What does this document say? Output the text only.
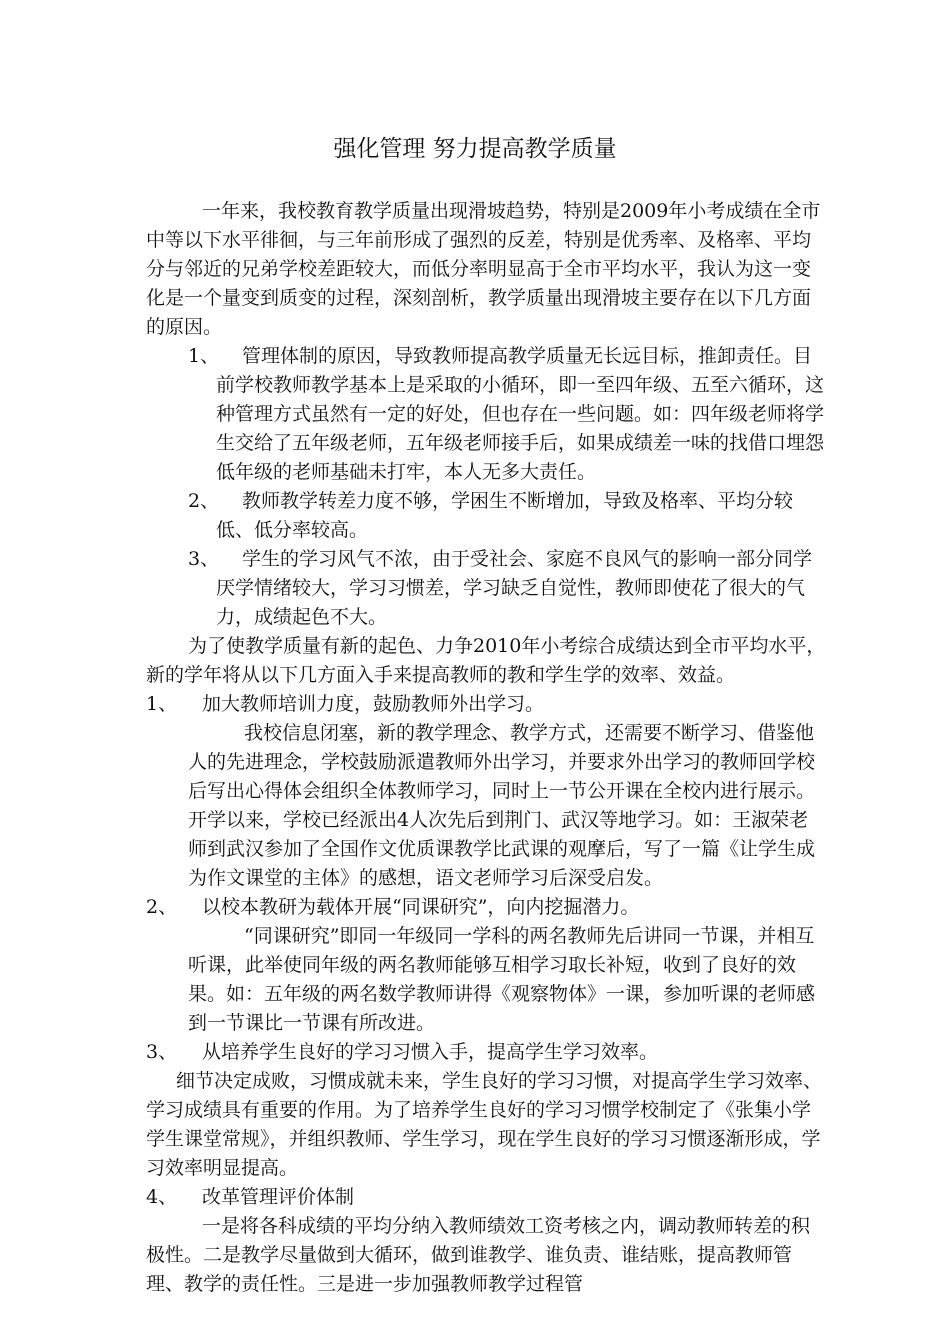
强化管理 努力提高教学质量

一年来，我校教育教学质量出现滑坡趋势，特别是2009年小考成绩在全市中等以下水平徘徊，与三年前形成了强烈的反差，特别是优秀率、及格率、平均分与邻近的兄弟学校差距较大，而低分率明显高于全市平均水平，我认为这一变化是一个量变到质变的过程，深刻剖析，教学质量出现滑坡主要存在以下几方面的原因。

1、	管理体制的原因，导致教师提高教学质量无长远目标，推卸责任。目前学校教师教学基本上是采取的小循环，即一至四年级、五至六循环，这种管理方式虽然有一定的好处，但也存在一些问题。如：四年级老师将学生交给了五年级老师，五年级老师接手后，如果成绩差一味的找借口埋怨低年级的老师基础未打牢，本人无多大责任。
2、	教师教学转差力度不够，学困生不断增加，导致及格率、平均分较低、低分率较高。
3、	学生的学习风气不浓，由于受社会、家庭不良风气的影响一部分同学厌学情绪较大，学习习惯差，学习缺乏自觉性，教师即使花了很大的气力，成绩起色不大。

为了使教学质量有新的起色、力争2010年小考综合成绩达到全市平均水平，新的学年将从以下几方面入手来提高教师的教和学生学的效率、效益。

1、	加大教师培训力度，鼓励教师外出学习。

我校信息闭塞，新的教学理念、教学方式，还需要不断学习、借鉴他人的先进理念，学校鼓励派遣教师外出学习，并要求外出学习的教师回学校后写出心得体会组织全体教师学习，同时上一节公开课在全校内进行展示。开学以来，学校已经派出4人次先后到荆门、武汉等地学习。如：王淑荣老师到武汉参加了全国作文优质课教学比武课的观摩后，写了一篇《让学生成为作文课堂的主体》的感想，语文老师学习后深受启发。

2、	以校本教研为载体开展“同课研究”，向内挖掘潜力。

“同课研究”即同一年级同一学科的两名教师先后讲同一节课，并相互听课，此举使同年级的两名教师能够互相学习取长补短，收到了良好的效果。如：五年级的两名数学教师讲得《观察物体》一课，参加听课的老师感到一节课比一节课有所改进。

3、	从培养学生良好的学习习惯入手，提高学生学习效率。

细节决定成败，习惯成就未来，学生良好的学习习惯，对提高学生学习效率、学习成绩具有重要的作用。为了培养学生良好的学习习惯学校制定了《张集小学学生课堂常规》，并组织教师、学生学习，现在学生良好的学习习惯逐渐形成，学习效率明显提高。

4、	改革管理评价体制

一是将各科成绩的平均分纳入教师绩效工资考核之内，调动教师转差的积极性。二是教学尽量做到大循环，做到谁教学、谁负责、谁结账，提高教师管理、教学的责任性。三是进一步加强教师教学过程管
